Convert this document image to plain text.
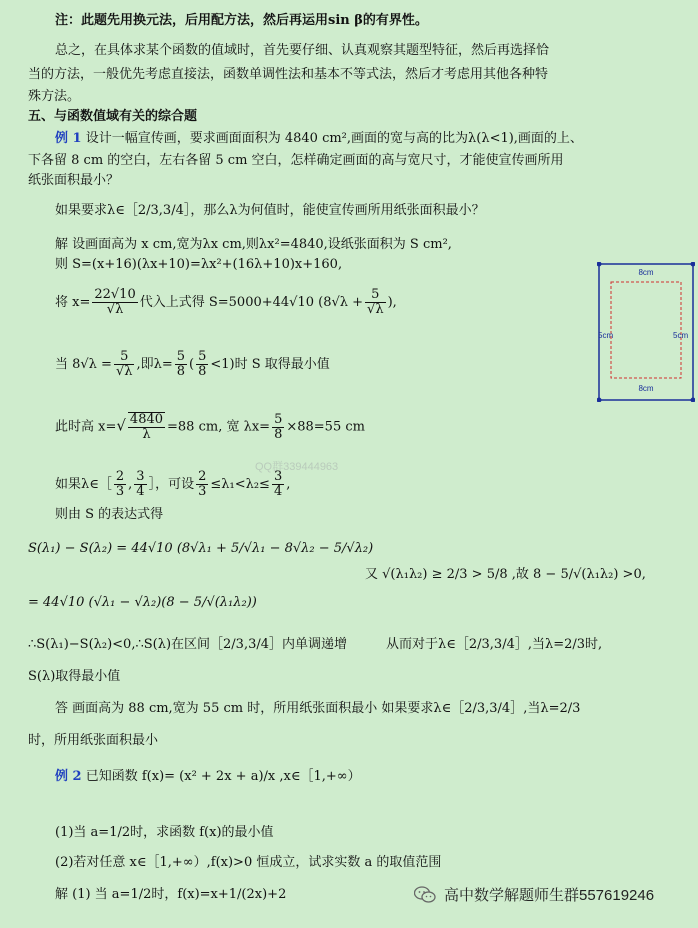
注：此题先用换元法，后用配方法，然后再运用sin β的有界性。
总之，在具体求某个函数的值域时，首先要仔细、认真观察其题型特征，然后再选择恰
当的方法，一般优先考虑直接法，函数单调性法和基本不等式法，然后才考虑用其他各种特
殊方法。
五、与函数值域有关的综合题
例 1 设计一幅宣传画，要求画面面积为 4840 cm²,画面的宽与高的比为λ(λ<1),画面的上、
下各留 8 cm 的空白，左右各留 5 cm 空白，怎样确定画面的高与宽尺寸，才能使宣传画所用
纸张面积最小？
如果要求λ∈［2/3,3/4］，那么λ为何值时，能使宣传画所用纸张面积最小？
解 设画面高为 x cm,宽为λx cm,则λx²=4840,设纸张面积为 S cm²,
则 S=(x+16)(λx+10)=λx²+(16λ+10)x+160,
将 $x= \frac{22√10}{√\lambda}$ 代入上式得 S=5000+44√10 ($8√\lambda + \frac{5}{√\lambda}$ ),
当 $8√\lambda = \frac{5}{√\lambda}$ ,即$\lambda= \frac{5}{8}$ ( $\frac{5}{8} <1$)时 S 取得最小值
此时高 $x=√ \frac{4840}{\lambda} =88$ cm, 宽 $\lambda x= \frac{5}{8} \times 88=55$ cm
QQ群339444963
如果λ∈［ $\frac{2}{3}$ , $\frac{3}{4}$ ］，可设 $\frac{2}{3} \le\lambda_1<\lambda_2\le \frac{3}{4}$ ,
则由 S 的表达式得
S(λ₁) − S(λ₂) = 44√10 (8√λ₁ + 5/√λ₁ − 8√λ₂ − 5/√λ₂)
又 √(λ₁λ₂) ≥ 2/3 > 5/8 ,故 8 − 5/√(λ₁λ₂) >0,
= 44√10 (√λ₁ − √λ₂)(8 − 5/√(λ₁λ₂))
∴S(λ₁)−S(λ₂)<0,∴S(λ)在区间［2/3,3/4］内单调递增	从而对于λ∈［2/3,3/4］,当λ=2/3时,
S(λ)取得最小值
答 画面高为 88 cm,宽为 55 cm 时，所用纸张面积最小 如果要求λ∈［2/3,3/4］,当λ=2/3
时，所用纸张面积最小
例 2 已知函数 f(x)= (x² + 2x + a)/x ,x∈［1,+∞）
(1)当 a=1/2时，求函数 f(x)的最小值
(2)若对任意 x∈［1,+∞）,f(x)>0 恒成立，试求实数 a 的取值范围
解 (1) 当 a=1/2时，f(x)=x+1/(2x)+2
8cm
8cm
5cm	5cm
高中数学解题师生群557619246
